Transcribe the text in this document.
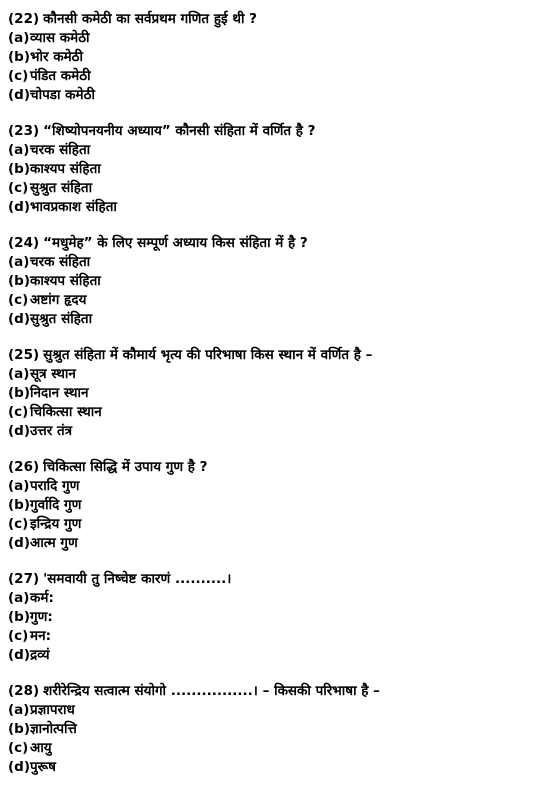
(22) कौनसी कमेठी का सर्वप्रथम गणित हुई थी ?
(a)व्यास कमेठी
(b)भोर कमेठी
(c) पंडित कमेठी
(d)चोपडा कमेठी
(23) “शिष्योपनयनीय अध्याय” कौनसी संहिता में वर्णित है ?
(a)चरक संहिता
(b)काश्यप संहिता
(c) सुश्रुत संहिता
(d)भावप्रकाश संहिता
(24) “मधुमेह” के लिए सम्पूर्ण अध्याय किस संहिता में है ?
(a)चरक संहिता
(b)काश्यप संहिता
(c) अष्टांग हृदय
(d)सुश्रुत संहिता
(25) सुश्रुत संहिता में कौमार्य भृत्य की परिभाषा किस स्थान में वर्णित है –
(a)सूत्र स्थान
(b)निदान स्थान
(c) चिकित्सा स्थान
(d)उत्तर तंत्र
(26) चिकित्सा सिद्धि में उपाय गुण है ?
(a)परादि गुण
(b)गुर्वादि गुण
(c) इन्द्रिय गुण
(d)आत्म गुण
(27) 'समवायी तु निष्चेष्ट कारणं ..........।
(a)कर्म:
(b)गुण:
(c) मन:
(d)द्रव्यं
(28) शरीरेन्द्रिय सत्वात्म संयोगो ................। – किसकी परिभाषा है –
(a)प्रज्ञापराध
(b)ज्ञानोत्पत्ति
(c) आयु
(d)पुरूष
